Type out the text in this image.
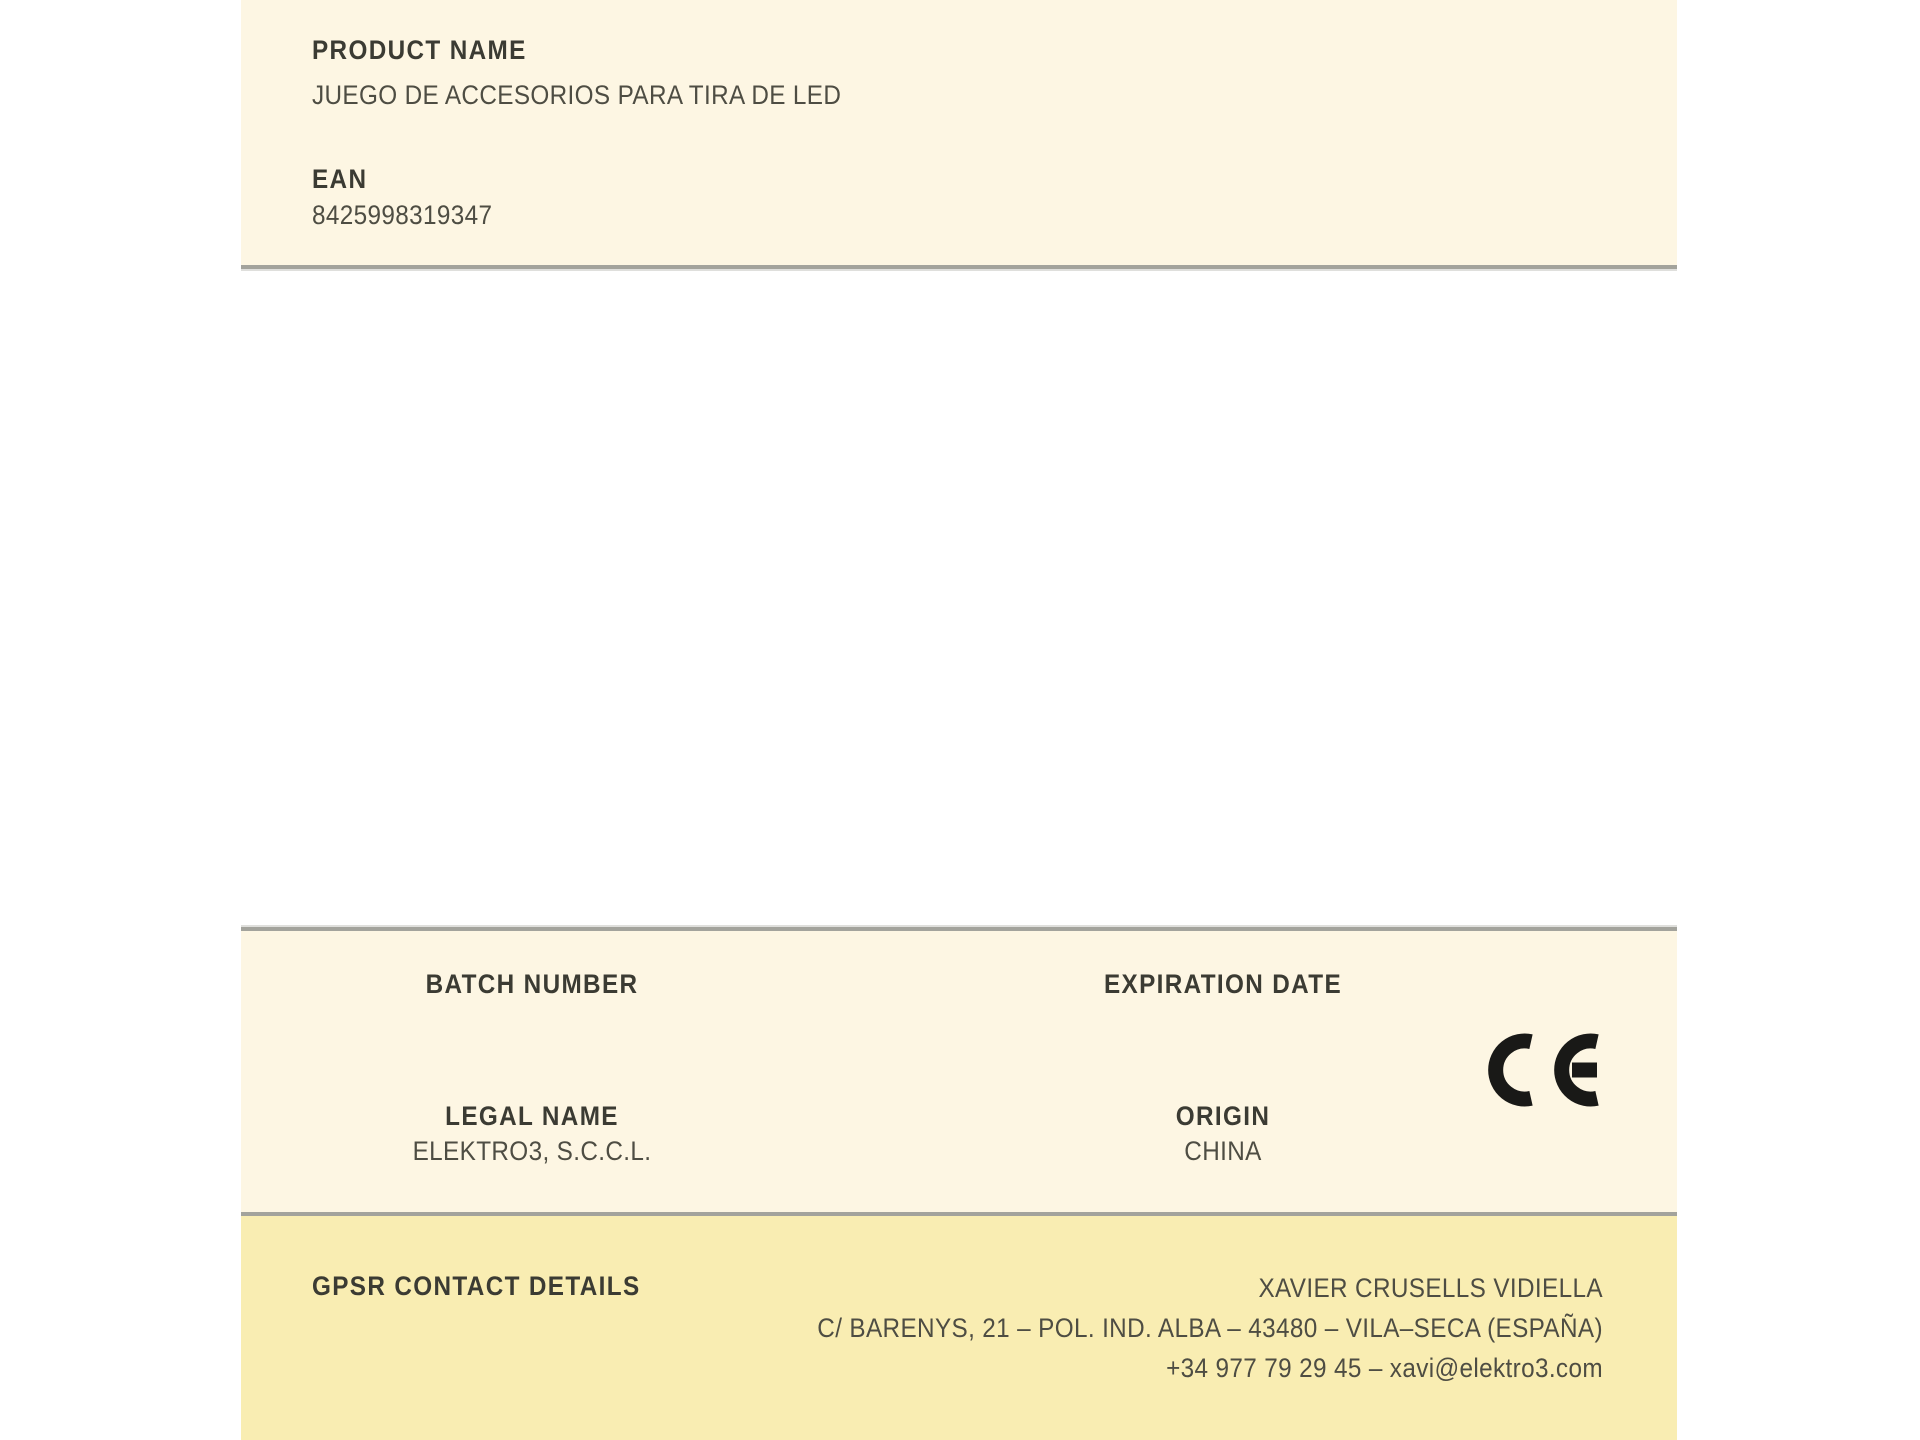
PRODUCT NAME
JUEGO DE ACCESORIOS PARA TIRA DE LED
EAN
8425998319347
BATCH NUMBER	EXPIRATION DATE
LEGAL NAME
ELEKTRO3, S.C.C.L.
ORIGIN
CHINA
GPSR CONTACT DETAILS	XAVIER CRUSELLS VIDIELLA
C/ BARENYS, 21 – POL. IND. ALBA – 43480 – VILA–SECA (ESPAÑA)
+34 977 79 29 45 – xavi@elektro3.com
